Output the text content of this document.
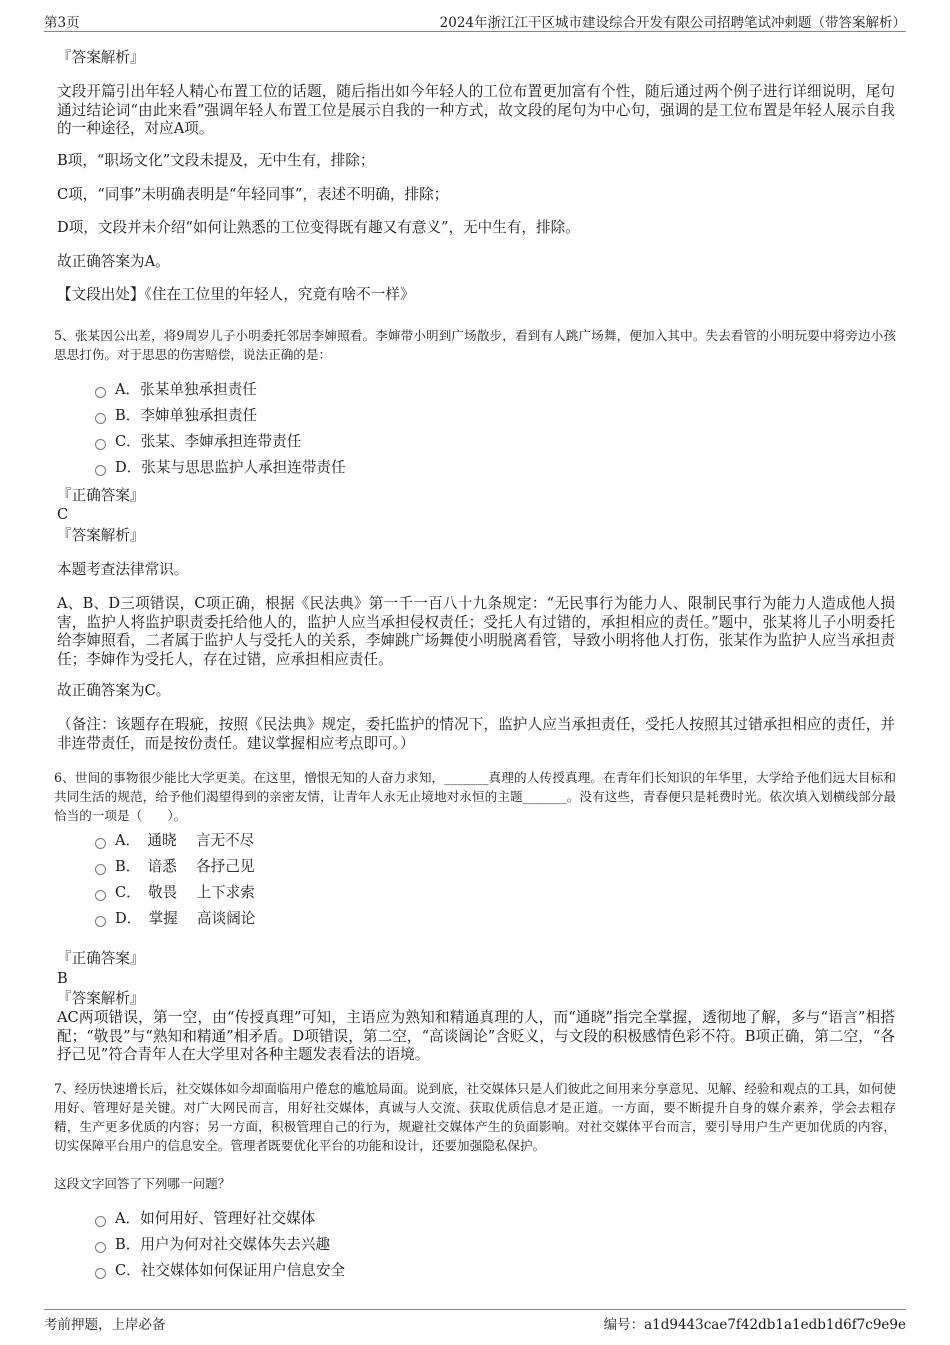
第3页	2024年浙江江干区城市建设综合开发有限公司招聘笔试冲刺题（带答案解析）
『答案解析』
文段开篇引出年轻人精心布置工位的话题，随后指出如今年轻人的工位布置更加富有个性，随后通过两个例子进行详细说明，尾句通过结论词“由此来看”强调年轻人布置工位是展示自我的一种方式，故文段的尾句为中心句，强调的是工位布置是年轻人展示自我的一种途径，对应A项。
B项，“职场文化”文段未提及，无中生有，排除；
C项，“同事”未明确表明是“年轻同事”，表述不明确，排除；
D项，文段并未介绍“如何让熟悉的工位变得既有趣又有意义”，无中生有，排除。
故正确答案为A。
【文段出处】《住在工位里的年轻人，究竟有啥不一样》
5、张某因公出差，将9周岁儿子小明委托邻居李婶照看。李婶带小明到广场散步，看到有人跳广场舞，便加入其中。失去看管的小明玩耍中将旁边小孩思思打伤。对于思思的伤害赔偿，说法正确的是：
A．张某单独承担责任
B．李婶单独承担责任
C．张某、李婶承担连带责任
D．张某与思思监护人承担连带责任
『正确答案』
C
『答案解析』
本题考查法律常识。
A、B、D三项错误，C项正确，根据《民法典》第一千一百八十九条规定：“无民事行为能力人、限制民事行为能力人造成他人损害，监护人将监护职责委托给他人的，监护人应当承担侵权责任；受托人有过错的，承担相应的责任。”题中，张某将儿子小明委托给李婶照看，二者属于监护人与受托人的关系，李婶跳广场舞使小明脱离看管，导致小明将他人打伤，张某作为监护人应当承担责任；李婶作为受托人，存在过错，应承担相应责任。
故正确答案为C。
（备注：该题存在瑕疵，按照《民法典》规定，委托监护的情况下，监护人应当承担责任，受托人按照其过错承担相应的责任，并非连带责任，而是按份责任。建议掌握相应考点即可。）
6、世间的事物很少能比大学更美。在这里，憎恨无知的人奋力求知，_______真理的人传授真理。在青年们长知识的年华里，大学给予他们远大目标和共同生活的规范，给予他们渴望得到的亲密友情，让青年人永无止境地对永恒的主题_______。没有这些，青春便只是耗费时光。依次填入划横线部分最恰当的一项是（　　）。
A．　通晓　 言无不尽
B．　谙悉　 各抒己见
C．　敬畏　 上下求索
D．　掌握　 高谈阔论
『正确答案』
B
『答案解析』
AC两项错误，第一空，由“传授真理”可知，主语应为熟知和精通真理的人，而“通晓”指完全掌握，透彻地了解，多与“语言”相搭配；“敬畏”与“熟知和精通”相矛盾。D项错误，第二空，“高谈阔论”含贬义，与文段的积极感情色彩不符。B项正确，第二空，“各抒己见”符合青年人在大学里对各种主题发表看法的语境。
7、经历快速增长后，社交媒体如今却面临用户倦怠的尴尬局面。说到底，社交媒体只是人们彼此之间用来分享意见、见解、经验和观点的工具，如何使用好、管理好是关键。对广大网民而言，用好社交媒体，真诚与人交流、获取优质信息才是正道。一方面，要不断提升自身的媒介素养，学会去粗存精，生产更多优质的内容；另一方面，积极管理自己的行为，规避社交媒体产生的负面影响。对社交媒体平台而言，要引导用户生产更加优质的内容，切实保障平台用户的信息安全。管理者既要优化平台的功能和设计，还要加强隐私保护。
这段文字回答了下列哪一问题？
A．如何用好、管理好社交媒体
B．用户为何对社交媒体失去兴趣
C．社交媒体如何保证用户信息安全
考前押题，上岸必备	编号：a1d9443cae7f42db1a1edb1d6f7c9e9e
